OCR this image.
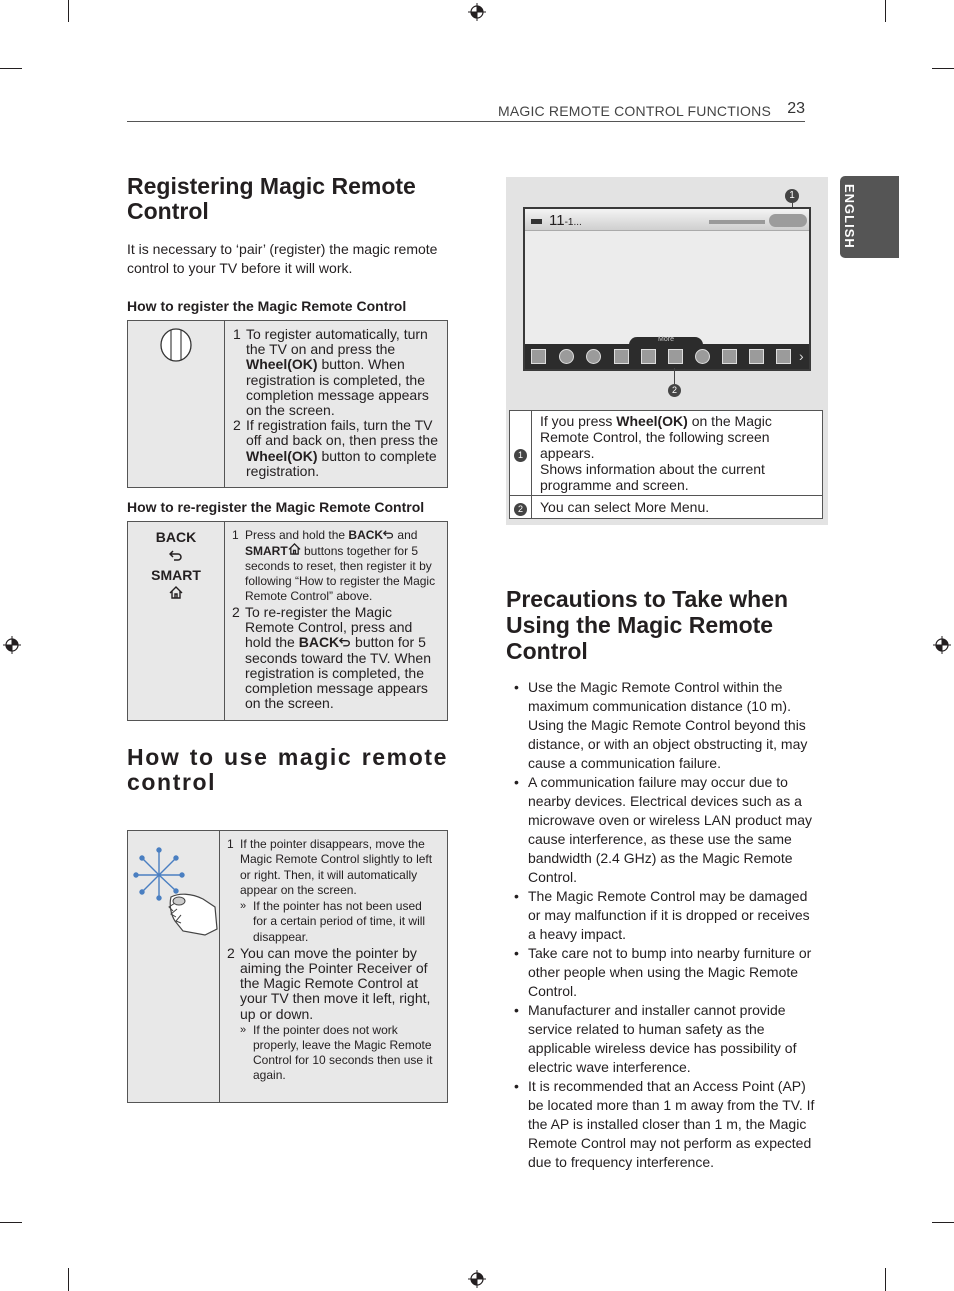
MAGIC REMOTE CONTROL FUNCTIONS 23
ENGLISH
Registering Magic Remote Control
It is necessary to ‘pair’ (register) the magic remote control to your TV before it will work.
How to register the Magic Remote Control

1 To register automatically, turn the TV on and press the Wheel(OK) button. When registration is completed, the completion message appears on the screen.
2 If registration fails, turn the TV off and back on, then press the Wheel(OK) button to complete registration.
How to re-register the Magic Remote Control
BACK
SMART

1 Press and hold the BACK and SMART buttons together for 5 seconds to reset, then register it by following “How to register the Magic Remote Control” above.
2 To re-register the Magic Remote Control, press and hold the BACK button for 5 seconds toward the TV. When registration is completed, the completion message appears on the screen.
How to use magic remote control

1 If the pointer disappears, move the Magic Remote Control slightly to left or right. Then, it will automatically appear on the screen.
» If the pointer has not been used for a certain period of time, it will disappear.
2 You can move the pointer by aiming the Pointer Receiver of the Magic Remote Control at your TV then move it left, right, up or down.
» If the pointer does not work properly, leave the Magic Remote Control for 10 seconds then use it again.
1
11-1...
More
›
2
1	If you press Wheel(OK) on the Magic Remote Control, the following screen appears.
Shows information about the current programme and screen.
2	You can select More Menu.
Precautions to Take when Using the Magic Remote Control
• Use the Magic Remote Control within the maximum communication distance (10 m). Using the Magic Remote Control beyond this distance, or with an object obstructing it, may cause a communication failure.
• A communication failure may occur due to nearby devices. Electrical devices such as a microwave oven or wireless LAN product may cause interference, as these use the same bandwidth (2.4 GHz) as the Magic Remote Control.
• The Magic Remote Control may be damaged or may malfunction if it is dropped or receives a heavy impact.
• Take care not to bump into nearby furniture or other people when using the Magic Remote Control.
• Manufacturer and installer cannot provide service related to human safety as the applicable wireless device has possibility of electric wave interference.
• It is recommended that an Access Point (AP) be located more than 1 m away from the TV. If the AP is installed closer than 1 m, the Magic Remote Control may not perform as expected due to frequency interference.
